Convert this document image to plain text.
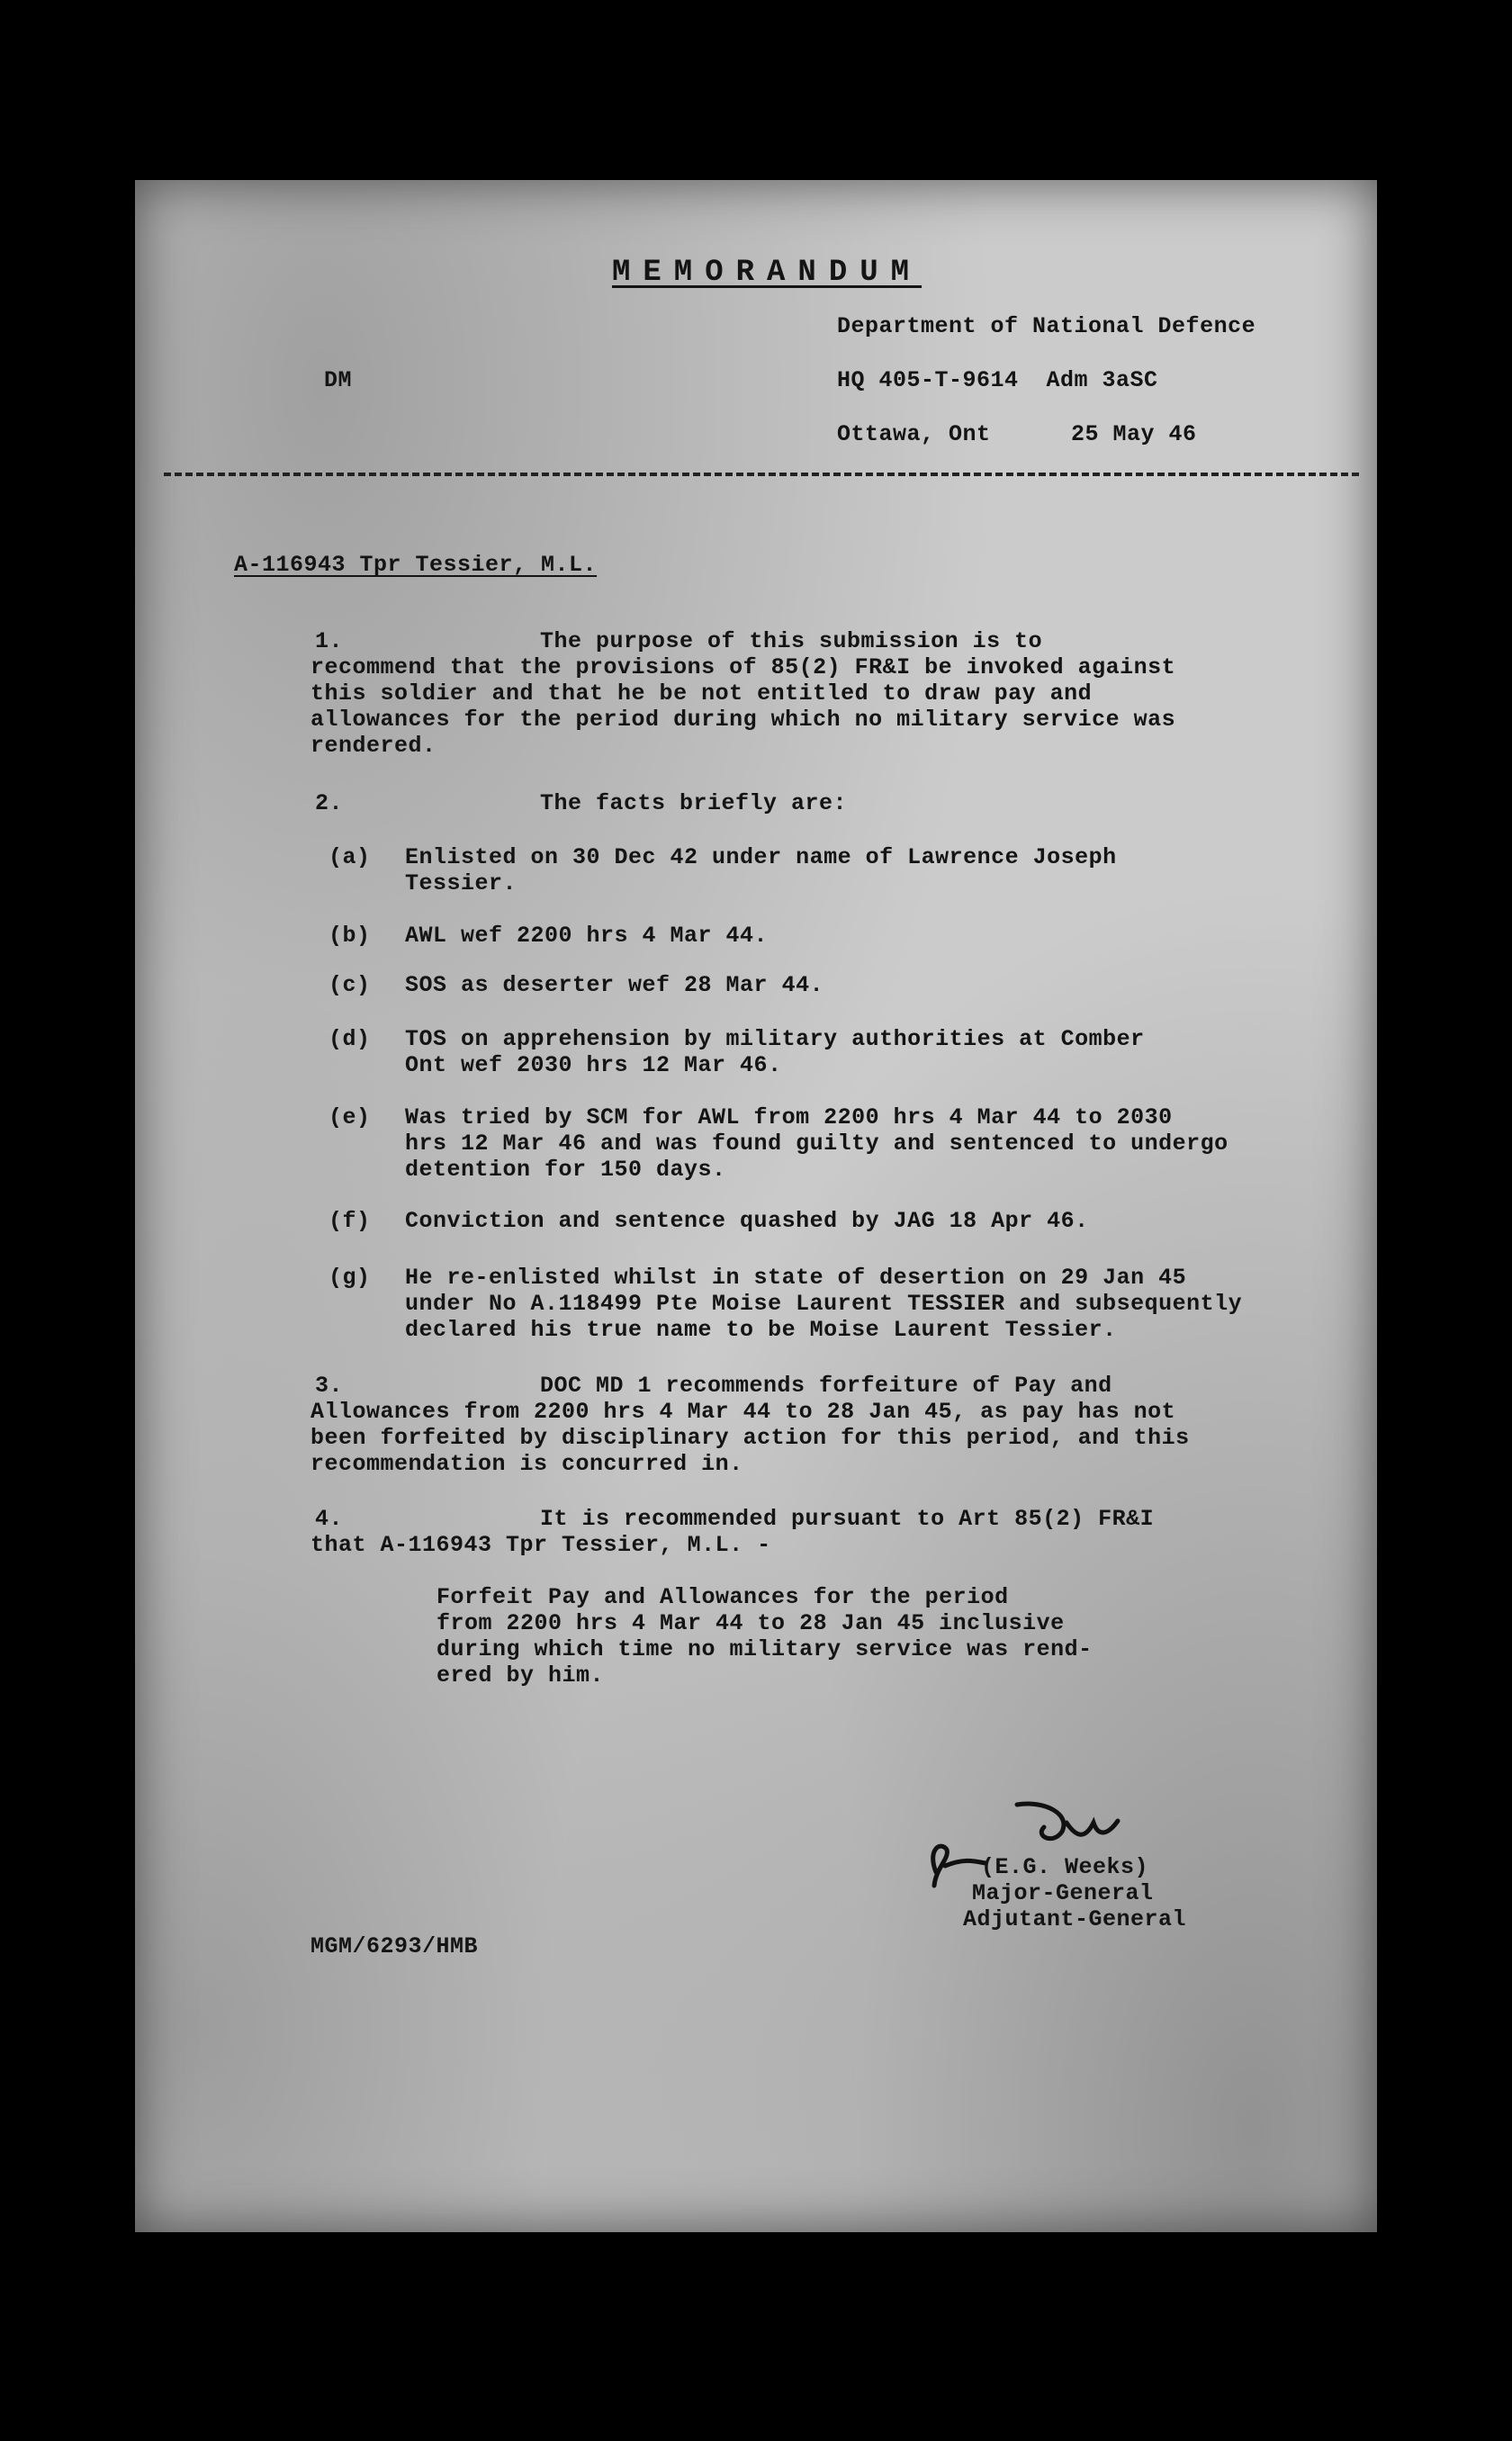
MEMORANDUM
Department of National Defence
DM	HQ 405-T-9614  Adm 3aSC
Ottawa, Ont	25 May 46
A-116943 Tpr Tessier, M.L.
1.	The purpose of this submission is to
recommend that the provisions of 85(2) FR&I be invoked against
this soldier and that he be not entitled to draw pay and
allowances for the period during which no military service was
rendered.
2.	The facts briefly are:
(a) Enlisted on 30 Dec 42 under name of Lawrence Joseph
Tessier.
(b) AWL wef 2200 hrs 4 Mar 44.
(c) SOS as deserter wef 28 Mar 44.
(d) TOS on apprehension by military authorities at Comber
Ont wef 2030 hrs 12 Mar 46.
(e) Was tried by SCM for AWL from 2200 hrs 4 Mar 44 to 2030
hrs 12 Mar 46 and was found guilty and sentenced to undergo
detention for 150 days.
(f) Conviction and sentence quashed by JAG 18 Apr 46.
(g) He re-enlisted whilst in state of desertion on 29 Jan 45
under No A.118499 Pte Moise Laurent TESSIER and subsequently
declared his true name to be Moise Laurent Tessier.
3.	DOC MD 1 recommends forfeiture of Pay and
Allowances from 2200 hrs 4 Mar 44 to 28 Jan 45, as pay has not
been forfeited by disciplinary action for this period, and this
recommendation is concurred in.
4.	It is recommended pursuant to Art 85(2) FR&I
that A-116943 Tpr Tessier, M.L. -
Forfeit Pay and Allowances for the period
from 2200 hrs 4 Mar 44 to 28 Jan 45 inclusive
during which time no military service was rend-
ered by him.
(E.G. Weeks)
Major-General
Adjutant-General
MGM/6293/HMB
